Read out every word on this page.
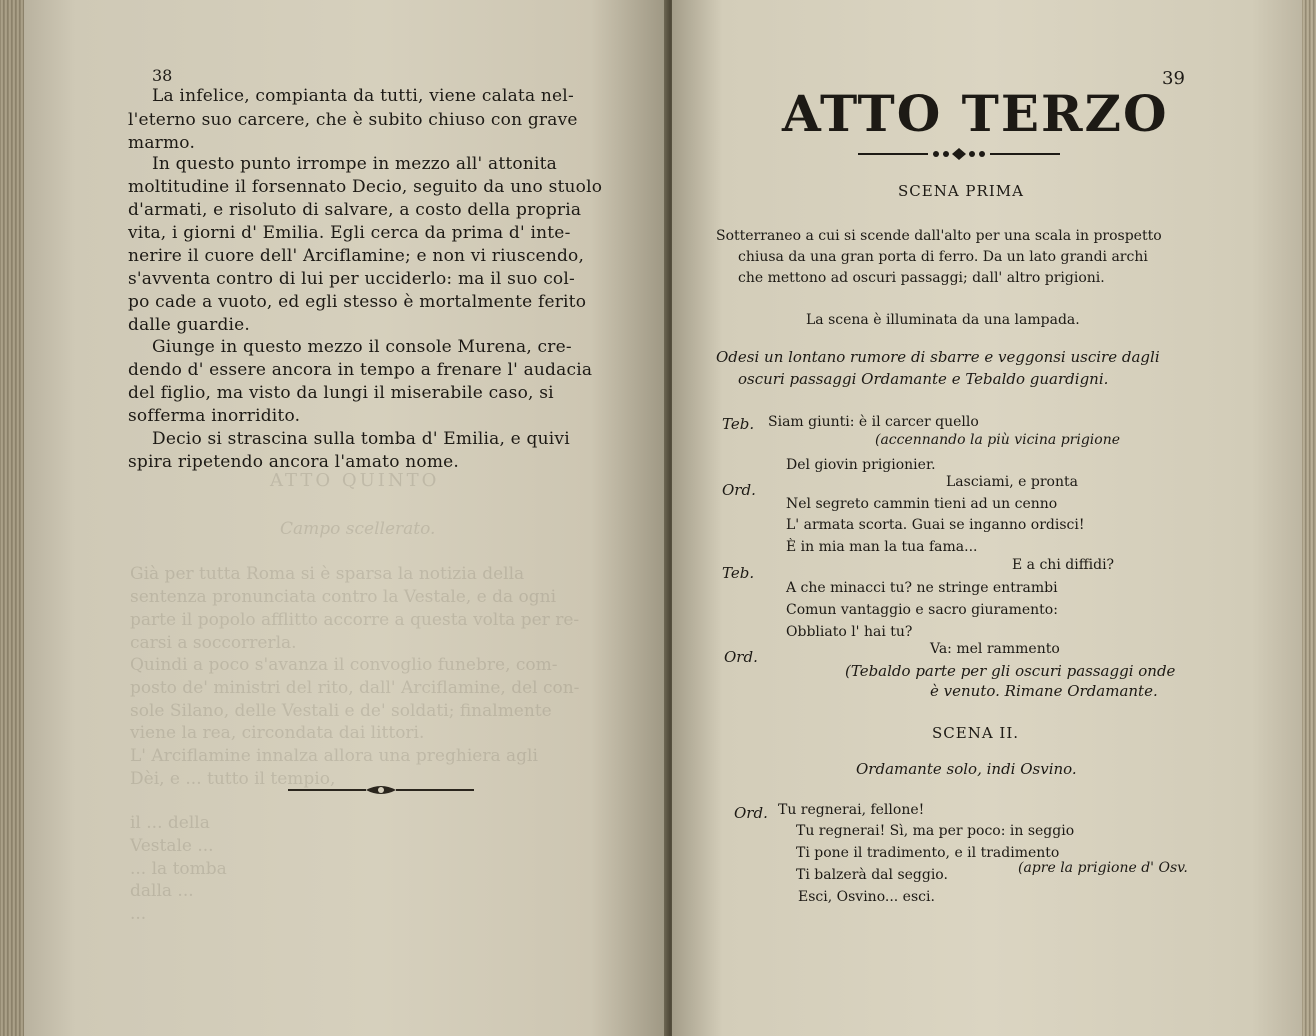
ATTO QUINTO
Campo scellerato.
Già per tutta Roma si è sparsa la notizia della
sentenza pronunciata contro la Vestale, e da ogni
parte il popolo afflitto accorre a questa volta per re-
carsi a soccorrerla.
Quindi a poco s'avanza il convoglio funebre, com-
posto de' ministri del rito, dall' Arciflamine, del con-
sole Silano, delle Vestali e de' soldati; finalmente
viene la rea, circondata dai littori.
L' Arciflamine innalza allora una preghiera agli
Dèi, e ... tutto il tempio,
il ... della
Vestale ...
... la tomba
dalla ...
...
38
La infelice, compianta da tutti, viene calata nel-
l'eterno suo carcere, che è subito chiuso con grave
marmo.
In questo punto irrompe in mezzo all' attonita
moltitudine il forsennato Decio, seguito da uno stuolo
d'armati, e risoluto di salvare, a costo della propria
vita, i giorni d' Emilia. Egli cerca da prima d' inte-
nerire il cuore dell' Arciflamine; e non vi riuscendo,
s'avventa contro di lui per ucciderlo: ma il suo col-
po cade a vuoto, ed egli stesso è mortalmente ferito
dalle guardie.
Giunge in questo mezzo il console Murena, cre-
dendo d' essere ancora in tempo a frenare l' audacia
del figlio, ma visto da lungi il miserabile caso, si
sofferma inorridito.
Decio si strascina sulla tomba d' Emilia, e quivi
spira ripetendo ancora l'amato nome.
39
ATTO TERZO
SCENA PRIMA
Sotterraneo a cui si scende dall'alto per una scala in prospetto
chiusa da una gran porta di ferro. Da un lato grandi archi
che mettono ad oscuri passaggi; dall' altro prigioni.
La scena è illuminata da una lampada.
Odesi un lontano rumore di sbarre e veggonsi uscire dagli
oscuri passaggi Ordamante e Tebaldo guardigni.
Teb. Siam giunti: è il carcer quello
(accennando la più vicina prigione
Del giovin prigionier.
Ord.	Lasciami, e pronta
Nel segreto cammin tieni ad un cenno
L' armata scorta. Guai se inganno ordisci!
È in mia man la tua fama...
Teb.	E a chi diffidi?
A che minacci tu? ne stringe entrambi
Comun vantaggio e sacro giuramento:
Obbliato l' hai tu?
Ord.	Va: mel rammento
(Tebaldo parte per gli oscuri passaggi onde
è venuto. Rimane Ordamante.
SCENA II.
Ordamante solo, indi Osvino.
Ord. Tu regnerai, fellone!
Tu regnerai! Sì, ma per poco: in seggio
Ti pone il tradimento, e il tradimento
Ti balzerà dal seggio.	(apre la prigione d' Osv.
Esci, Osvino... esci.
